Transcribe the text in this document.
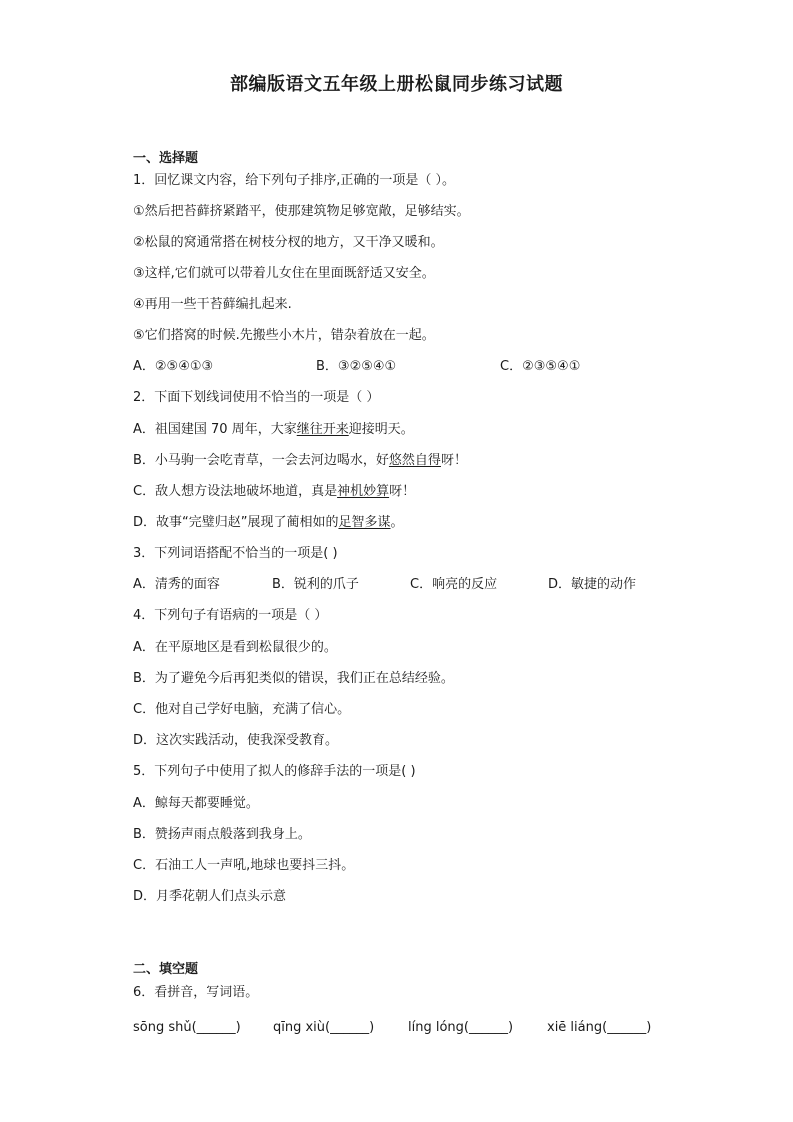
部编版语文五年级上册松鼠同步练习试题
一、选择题
1．回忆课文内容，给下列句子排序,正确的一项是（ ）。
①然后把苔藓挤紧踏平，使那建筑物足够宽敞，足够结实。
②松鼠的窝通常搭在树枝分杈的地方，又干净又暖和。
③这样,它们就可以带着儿女住在里面既舒适又安全。
④再用一些干苔藓编扎起来.
⑤它们搭窝的时候.先搬些小木片，错杂着放在一起。
A．②⑤④①③	B．③②⑤④①	C．②③⑤④①
2．下面下划线词使用不恰当的一项是（ ）
A．祖国建国 70 周年，大家继往开来迎接明天。
B．小马驹一会吃青草，一会去河边喝水，好悠然自得呀！
C．敌人想方设法地破坏地道，真是神机妙算呀！
D．故事“完璧归赵”展现了蔺相如的足智多谋。
3．下列词语搭配不恰当的一项是( )
A．清秀的面容	B．锐利的爪子	C．响亮的反应	D．敏捷的动作
4．下列句子有语病的一项是（ ）
A．在平原地区是看到松鼠很少的。
B．为了避免今后再犯类似的错误，我们正在总结经验。
C．他对自己学好电脑，充满了信心。
D．这次实践活动，使我深受教育。
5．下列句子中使用了拟人的修辞手法的一项是( )
A．鲸每天都要睡觉。
B．赞扬声雨点般落到我身上。
C．石油工人一声吼,地球也要抖三抖。
D．月季花朝人们点头示意
二、填空题
6．看拼音，写词语。
sōng shǔ(______) qīng xiù(______)	líng lóng(______)	xiē liáng(______)
